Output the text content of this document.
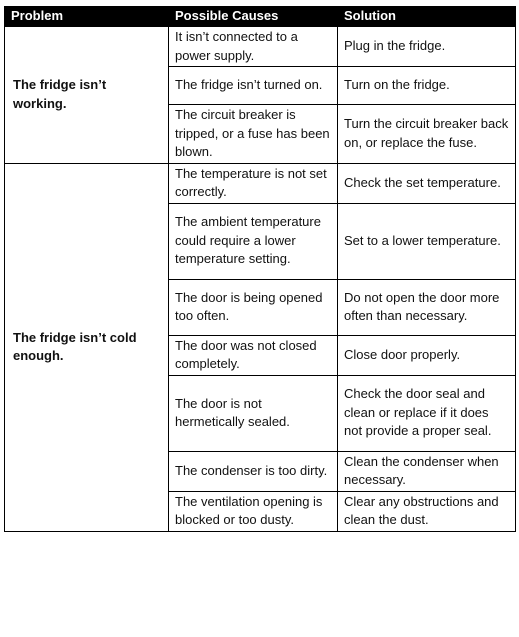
Problem	Possible Causes	Solution
The fridge isn’t working.	It isn’t connected to a power supply.	Plug in the fridge.
	The fridge isn’t turned on.	Turn on the fridge.
	The circuit breaker is tripped, or a fuse has been blown.	Turn the circuit breaker back on, or replace the fuse.
The fridge isn’t cold enough.	The temperature is not set correctly.	Check the set temperature.
	The ambient temperature could require a lower temperature setting.	Set to a lower temperature.
	The door is being opened too often.	Do not open the door more often than necessary.
	The door was not closed completely.	Close door properly.
	The door is not hermetically sealed.	Check the door seal and clean or replace if it does not provide a proper seal.
	The condenser is too dirty.	Clean the condenser when necessary.
	The ventilation opening is blocked or too dusty.	Clear any obstructions and clean the dust.
